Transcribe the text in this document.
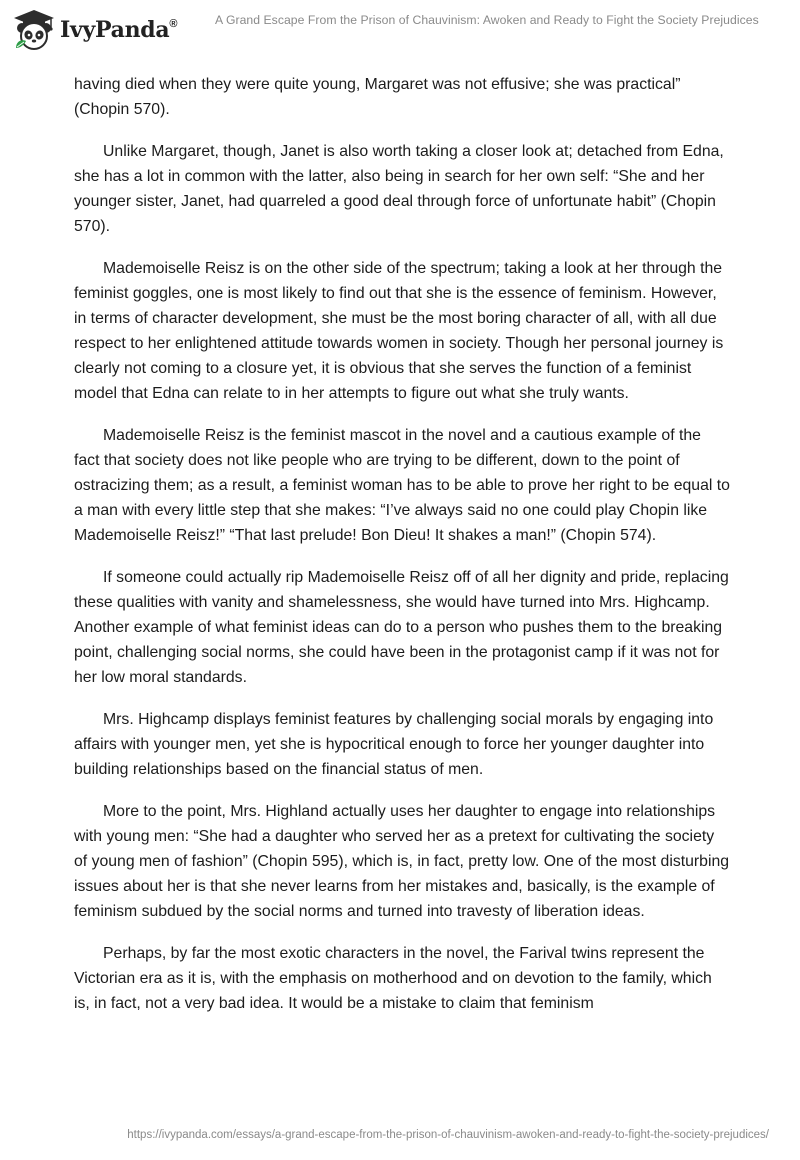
IvyPanda®	A Grand Escape From the Prison of Chauvinism: Awoken and Ready to Fight the Society Prejudices

having died when they were quite young, Margaret was not effusive; she was practical” (Chopin 570).

Unlike Margaret, though, Janet is also worth taking a closer look at; detached from Edna, she has a lot in common with the latter, also being in search for her own self: “She and her younger sister, Janet, had quarreled a good deal through force of unfortunate habit” (Chopin 570).

Mademoiselle Reisz is on the other side of the spectrum; taking a look at her through the feminist goggles, one is most likely to find out that she is the essence of feminism. However, in terms of character development, she must be the most boring character of all, with all due respect to her enlightened attitude towards women in society. Though her personal journey is clearly not coming to a closure yet, it is obvious that she serves the function of a feminist model that Edna can relate to in her attempts to figure out what she truly wants.

Mademoiselle Reisz is the feminist mascot in the novel and a cautious example of the fact that society does not like people who are trying to be different, down to the point of ostracizing them; as a result, a feminist woman has to be able to prove her right to be equal to a man with every little step that she makes: “I’ve always said no one could play Chopin like Mademoiselle Reisz!” “That last prelude! Bon Dieu! It shakes a man!” (Chopin 574).

If someone could actually rip Mademoiselle Reisz off of all her dignity and pride, replacing these qualities with vanity and shamelessness, she would have turned into Mrs. Highcamp. Another example of what feminist ideas can do to a person who pushes them to the breaking point, challenging social norms, she could have been in the protagonist camp if it was not for her low moral standards.

Mrs. Highcamp displays feminist features by challenging social morals by engaging into affairs with younger men, yet she is hypocritical enough to force her younger daughter into building relationships based on the financial status of men.

More to the point, Mrs. Highland actually uses her daughter to engage into relationships with young men: “She had a daughter who served her as a pretext for cultivating the society of young men of fashion” (Chopin 595), which is, in fact, pretty low. One of the most disturbing issues about her is that she never learns from her mistakes and, basically, is the example of feminism subdued by the social norms and turned into travesty of liberation ideas.

Perhaps, by far the most exotic characters in the novel, the Farival twins represent the Victorian era as it is, with the emphasis on motherhood and on devotion to the family, which is, in fact, not a very bad idea. It would be a mistake to claim that feminism

https://ivypanda.com/essays/a-grand-escape-from-the-prison-of-chauvinism-awoken-and-ready-to-fight-the-society-prejudices/
